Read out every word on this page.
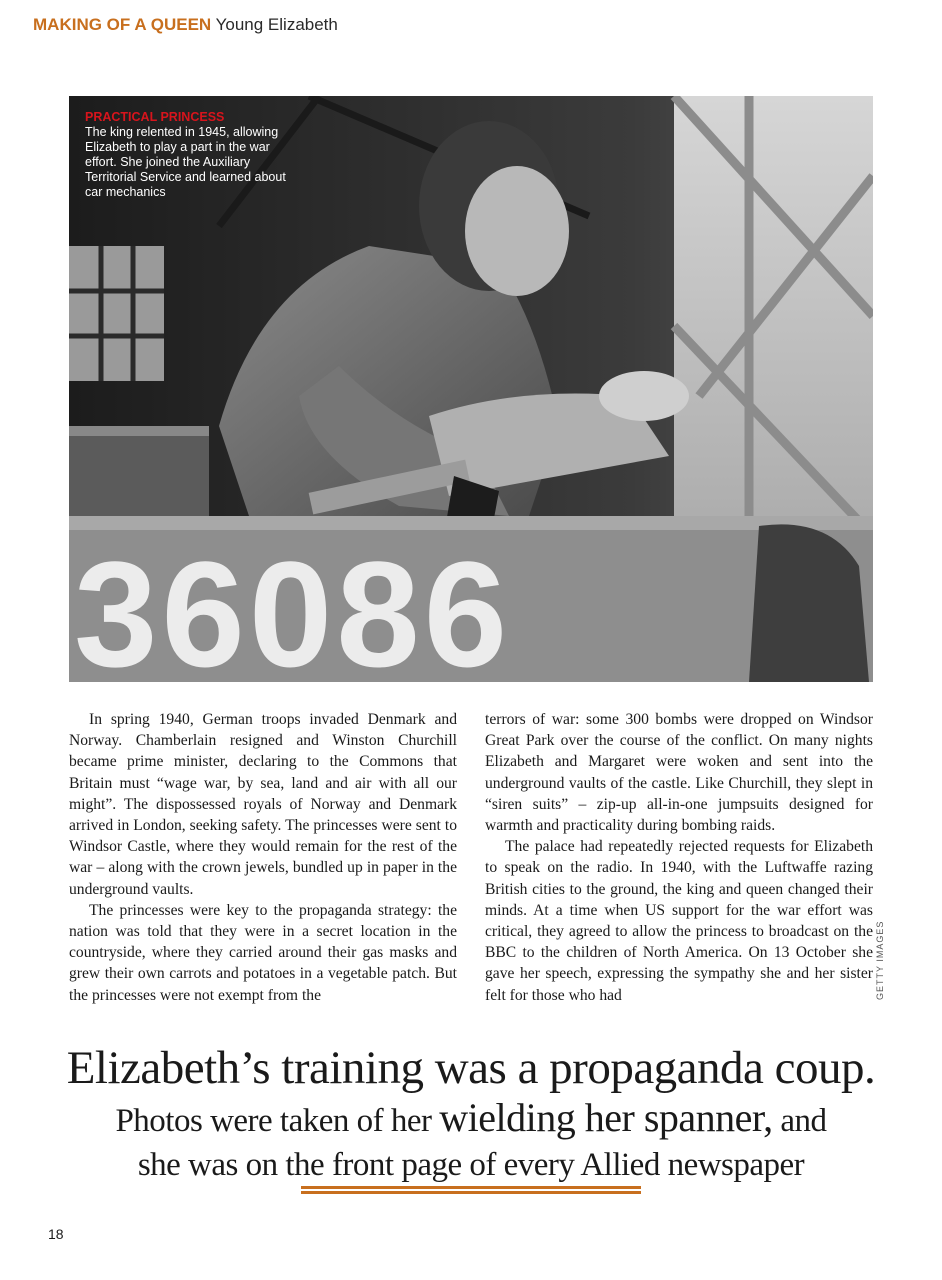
MAKING OF A QUEEN Young Elizabeth
36086
PRACTICAL PRINCESS
The king relented in 1945, allowing Elizabeth to play a part in the war effort. She joined the Auxiliary Territorial Service and learned about car mechanics

In spring 1940, German troops invaded Denmark and Norway. Chamberlain resigned and Winston Churchill became prime minister, declaring to the Commons that Britain must “wage war, by sea, land and air with all our might”. The dispossessed royals of Norway and Denmark arrived in London, seeking safety. The princesses were sent to Windsor Castle, where they would remain for the rest of the war – along with the crown jewels, bundled up in paper in the underground vaults.

The princesses were key to the propaganda strategy: the nation was told that they were in a secret location in the countryside, where they carried around their gas masks and grew their own carrots and potatoes in a vegetable patch. But the princesses were not exempt from the

terrors of war: some 300 bombs were dropped on Windsor Great Park over the course of the conflict. On many nights Elizabeth and Margaret were woken and sent into the underground vaults of the castle. Like Churchill, they slept in “siren suits” – zip-up all-in-one jumpsuits designed for warmth and practicality during bombing raids.

The palace had repeatedly rejected requests for Elizabeth to speak on the radio. In 1940, with the Luftwaffe razing British cities to the ground, the king and queen changed their minds. At a time when US support for the war effort was critical, they agreed to allow the princess to broadcast on the BBC to the children of North America. On 13 October she gave her speech, expressing the sympathy she and her sister felt for those who had	GETTY IMAGES
Elizabeth’s training was a propaganda coup.
Photos were taken of her wielding her spanner, and
she was on the front page of every Allied newspaper
18
